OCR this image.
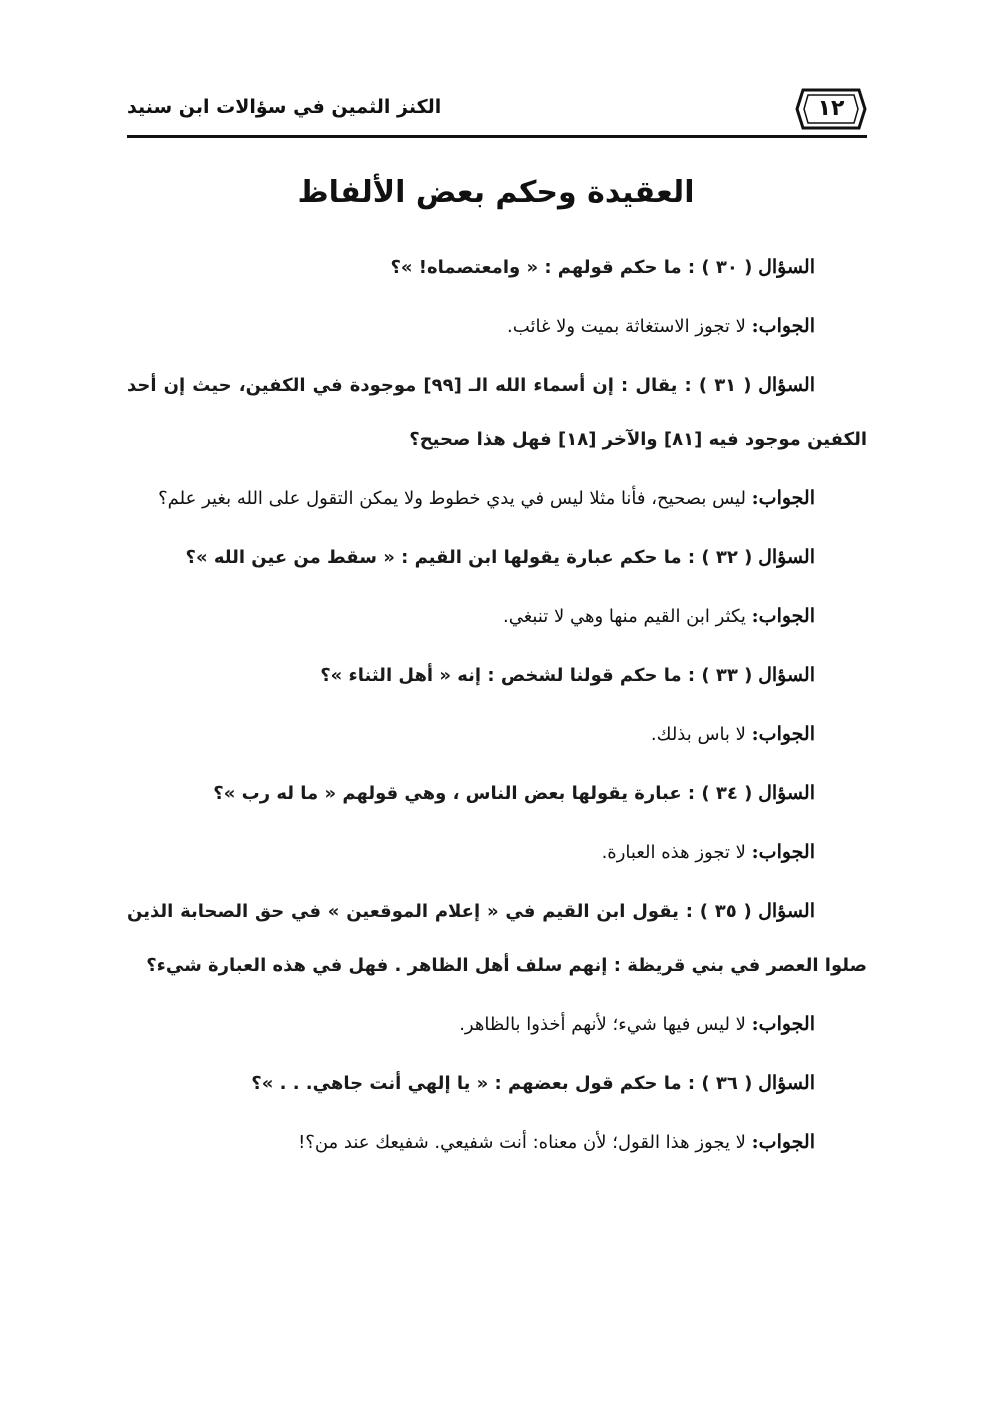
١٢
الكنز الثمين في سؤالات ابن سنيد
العقيدة وحكم بعض الألفاظ

السؤال ( ٣٠ ) : ما حكم قولهم : « وامعتصماه! »؟

الجواب: لا تجوز الاستغاثة بميت ولا غائب.

السؤال ( ٣١ ) : يقال : إن أسماء الله الـ [٩٩] موجودة في الكفين، حيث إن أحد الكفين موجود فيه [٨١] والآخر [١٨] فهل هذا صحيح؟

الجواب: ليس بصحيح، فأنا مثلا ليس في يدي خطوط ولا يمكن التقول على الله بغير علم؟

السؤال ( ٣٢ ) : ما حكم عبارة يقولها ابن القيم : « سقط من عين الله »؟

الجواب: يكثر ابن القيم منها وهي لا تنبغي.

السؤال ( ٣٣ ) : ما حكم قولنا لشخص : إنه « أهل الثناء »؟

الجواب: لا باس بذلك.

السؤال ( ٣٤ ) : عبارة يقولها بعض الناس ، وهي قولهم « ما له رب »؟

الجواب: لا تجوز هذه العبارة.

السؤال ( ٣٥ ) : يقول ابن القيم في « إعلام الموقعين » في حق الصحابة الذين صلوا العصر في بني قريظة : إنهم سلف أهل الظاهر . فهل في هذه العبارة شيء؟

الجواب: لا ليس فيها شيء؛ لأنهم أخذوا بالظاهر.

السؤال ( ٣٦ ) : ما حكم قول بعضهم : « يا إلهي أنت جاهي. . . »؟

الجواب: لا يجوز هذا القول؛ لأن معناه: أنت شفيعي. شفيعك عند من؟!
